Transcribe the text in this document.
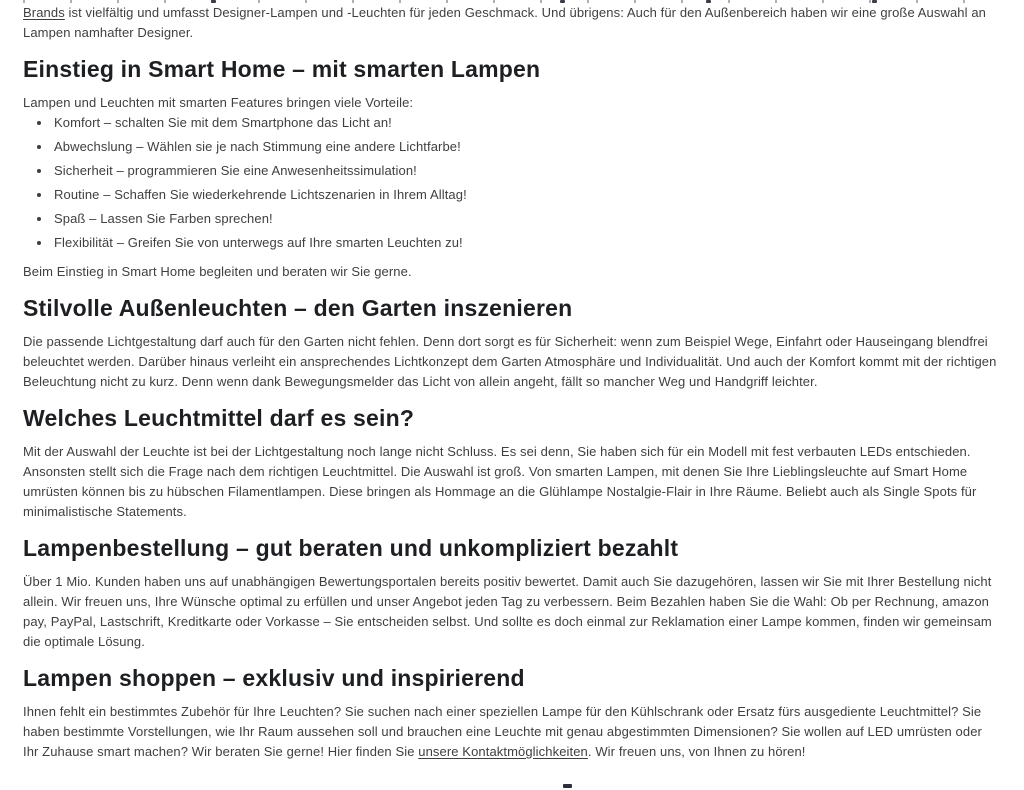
Brands ist vielfältig und umfasst Designer-Lampen und -Leuchten für jeden Geschmack. Und übrigens: Auch für den Außenbereich haben wir eine große Auswahl an Lampen namhafter Designer.

Einstieg in Smart Home – mit smarten Lampen

Lampen und Leuchten mit smarten Features bringen viele Vorteile:

• Komfort – schalten Sie mit dem Smartphone das Licht an!
• Abwechslung – Wählen sie je nach Stimmung eine andere Lichtfarbe!
• Sicherheit – programmieren Sie eine Anwesenheitssimulation!
• Routine – Schaffen Sie wiederkehrende Lichtszenarien in Ihrem Alltag!
• Spaß – Lassen Sie Farben sprechen!
• Flexibilität – Greifen Sie von unterwegs auf Ihre smarten Leuchten zu!

Beim Einstieg in Smart Home begleiten und beraten wir Sie gerne.

Stilvolle Außenleuchten – den Garten inszenieren

Die passende Lichtgestaltung darf auch für den Garten nicht fehlen. Denn dort sorgt es für Sicherheit: wenn zum Beispiel Wege, Einfahrt oder Hauseingang blendfrei beleuchtet werden. Darüber hinaus verleiht ein ansprechendes Lichtkonzept dem Garten Atmosphäre und Individualität. Und auch der Komfort kommt mit der richtigen Beleuchtung nicht zu kurz. Denn wenn dank Bewegungsmelder das Licht von allein angeht, fällt so mancher Weg und Handgriff leichter.

Welches Leuchtmittel darf es sein?

Mit der Auswahl der Leuchte ist bei der Lichtgestaltung noch lange nicht Schluss. Es sei denn, Sie haben sich für ein Modell mit fest verbauten LEDs entschieden. Ansonsten stellt sich die Frage nach dem richtigen Leuchtmittel. Die Auswahl ist groß. Von smarten Lampen, mit denen Sie Ihre Lieblingsleuchte auf Smart Home umrüsten können bis zu hübschen Filamentlampen. Diese bringen als Hommage an die Glühlampe Nostalgie-Flair in Ihre Räume. Beliebt auch als Single Spots für minimalistische Statements.

Lampenbestellung – gut beraten und unkompliziert bezahlt

Über 1 Mio. Kunden haben uns auf unabhängigen Bewertungsportalen bereits positiv bewertet. Damit auch Sie dazugehören, lassen wir Sie mit Ihrer Bestellung nicht allein. Wir freuen uns, Ihre Wünsche optimal zu erfüllen und unser Angebot jeden Tag zu verbessern. Beim Bezahlen haben Sie die Wahl: Ob per Rechnung, amazon pay, PayPal, Lastschrift, Kreditkarte oder Vorkasse – Sie entscheiden selbst. Und sollte es doch einmal zur Reklamation einer Lampe kommen, finden wir gemeinsam die optimale Lösung.

Lampen shoppen – exklusiv und inspirierend

Ihnen fehlt ein bestimmtes Zubehör für Ihre Leuchten? Sie suchen nach einer speziellen Lampe für den Kühlschrank oder Ersatz fürs ausgediente Leuchtmittel? Sie haben bestimmte Vorstellungen, wie Ihr Raum aussehen soll und brauchen eine Leuchte mit genau abgestimmten Dimensionen? Sie wollen auf LED umrüsten oder Ihr Zuhause smart machen? Wir beraten Sie gerne! Hier finden Sie unsere Kontaktmöglichkeiten. Wir freuen uns, von Ihnen zu hören!
